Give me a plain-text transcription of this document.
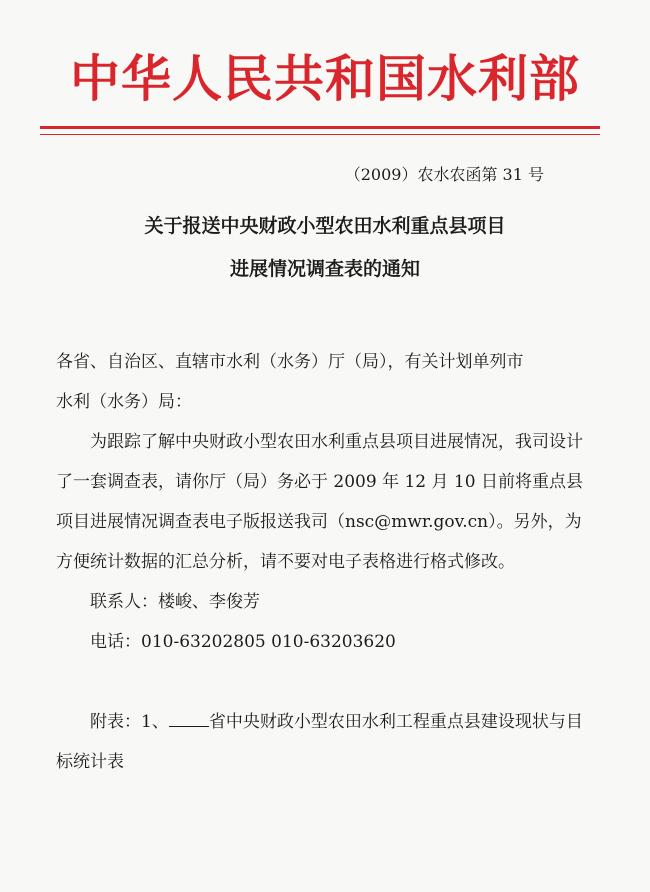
中华人民共和国水利部
（2009）农水农函第 31 号
关于报送中央财政小型农田水利重点县项目
进展情况调查表的通知

各省、自治区、直辖市水利（水务）厅（局），有关计划单列市

水利（水务）局：

为跟踪了解中央财政小型农田水利重点县项目进展情况，我司设计了一套调查表，请你厅（局）务必于 2009 年 12 月 10 日前将重点县项目进展情况调查表电子版报送我司（nsc@mwr.gov.cn）。另外，为方便统计数据的汇总分析，请不要对电子表格进行格式修改。

联系人：楼峻、李俊芳

电话：010-63202805 010-63203620

附表：1、 省中央财政小型农田水利工程重点县建设现状与目标统计表
